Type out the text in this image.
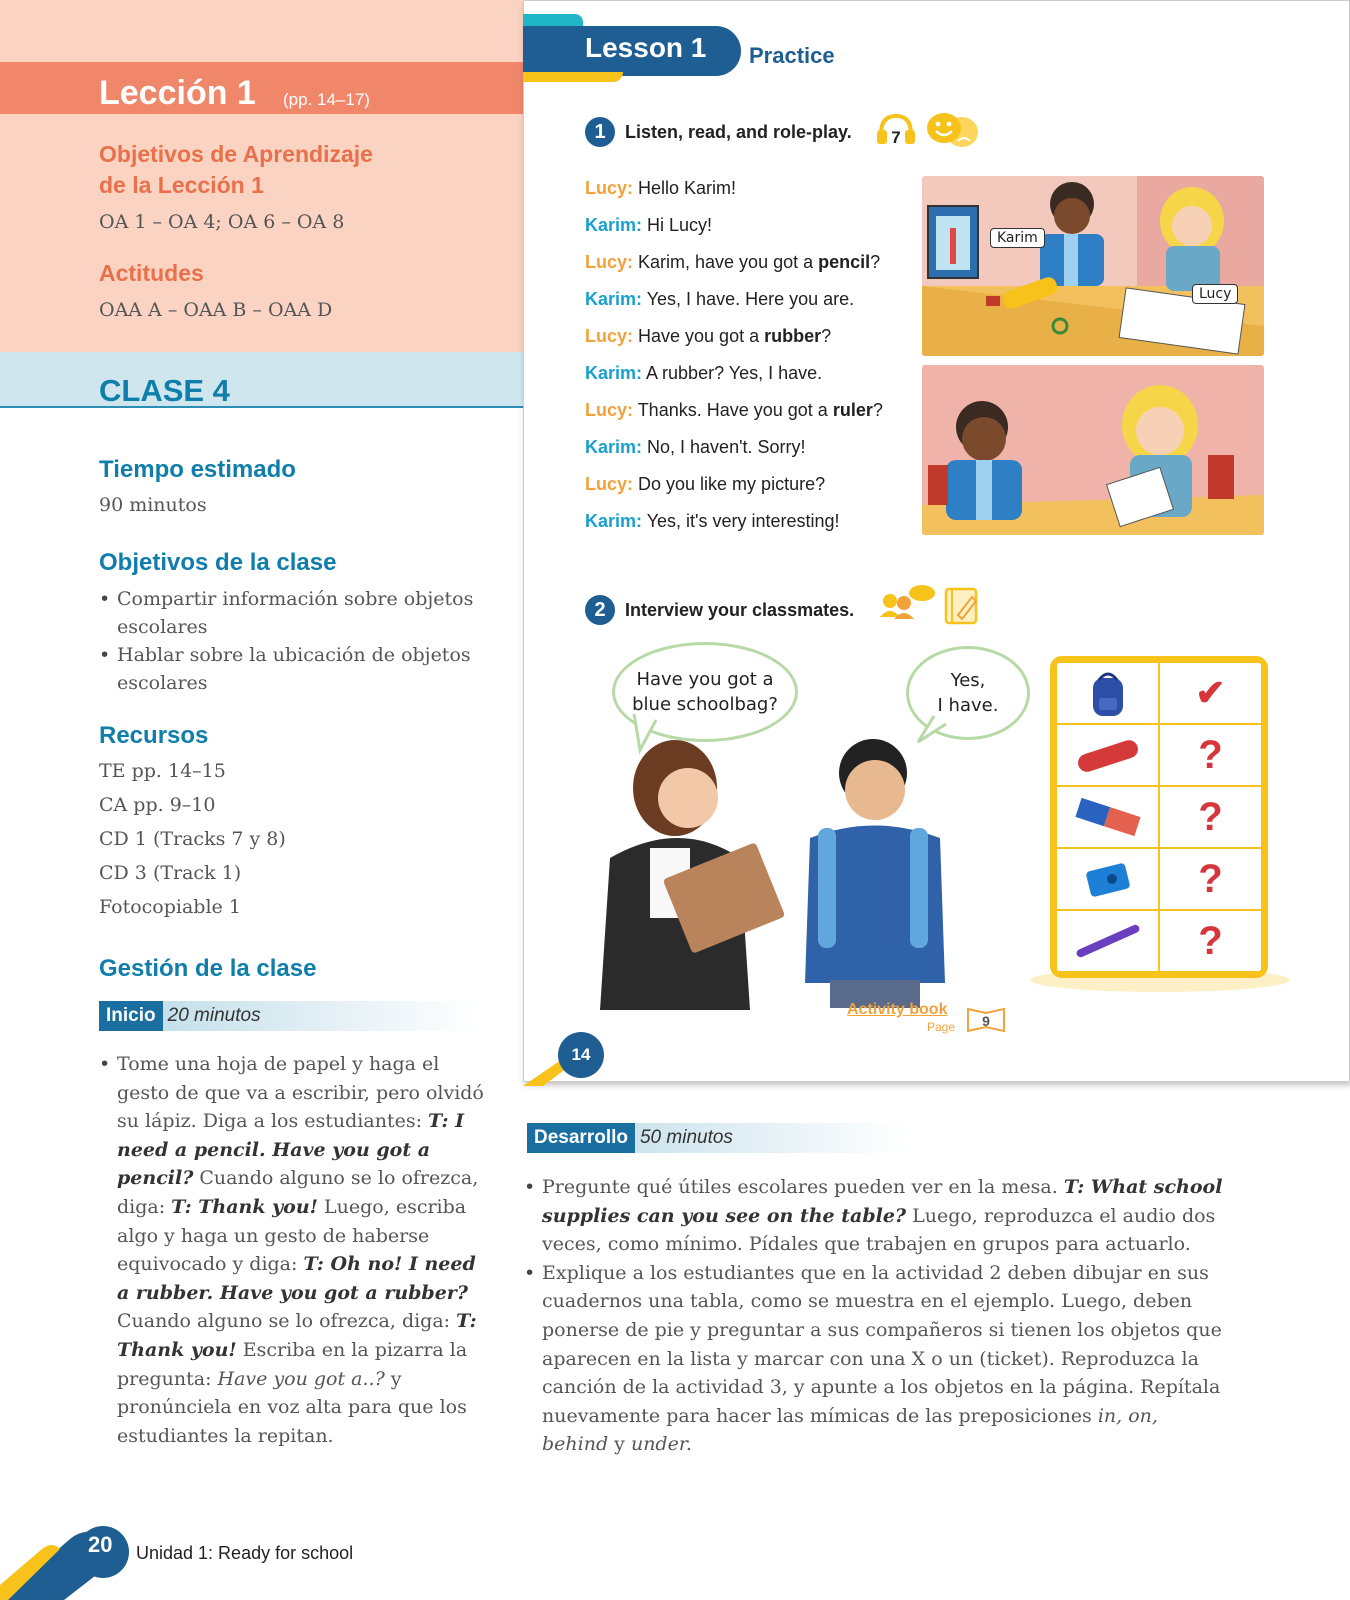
Lección 1 (pp. 14–17)
Objetivos de Aprendizaje
de la Lección 1
OA 1 – OA 4; OA 6 – OA 8
Actitudes
OAA A – OAA B – OAA D
CLASE 4
Tiempo estimado
90 minutos
Objetivos de la clase
• Compartir información sobre objetos escolares
• Hablar sobre la ubicación de objetos escolares
Recursos
TE pp. 14–15
CA pp. 9–10
CD 1 (Tracks 7 y 8)
CD 3 (Track 1)
Fotocopiable 1
Gestión de la clase
Inicio 20 minutos
• Tome una hoja de papel y haga el gesto de que va a escribir, pero olvidó su lápiz. Diga a los estudiantes: T: I need a pencil. Have you got a pencil? Cuando alguno se lo ofrezca, diga: T: Thank you! Luego, escriba algo y haga un gesto de haberse equivocado y diga: T: Oh no! I need a rubber. Have you got a rubber? Cuando alguno se lo ofrezca, diga: T: Thank you! Escriba en la pizarra la pregunta: Have you got a..? y pronúnciela en voz alta para que los estudiantes la repitan.
Lesson 1 Practice
1	Listen, read, and role-play. 7
Lucy: Hello Karim!
Karim: Hi Lucy!
Lucy: Karim, have you got a pencil?
Karim: Yes, I have. Here you are.
Lucy: Have you got a rubber?
Karim: A rubber? Yes, I have.
Lucy: Thanks. Have you got a ruler?
Karim: No, I haven't. Sorry!
Lucy: Do you like my picture?
Karim: Yes, it's very interesting!
Karim
Lucy
2	Interview your classmates.
Have you got a
blue schoolbag?
Yes,
I have.	✔
?
?
?
?
Activity book
Page 9
14
Desarrollo 50 minutos
• Pregunte qué útiles escolares pueden ver en la mesa. T: What school supplies can you see on the table? Luego, reproduzca el audio dos veces, como mínimo. Pídales que trabajen en grupos para actuarlo.
• Explique a los estudiantes que en la actividad 2 deben dibujar en sus cuadernos una tabla, como se muestra en el ejemplo. Luego, deben ponerse de pie y preguntar a sus compañeros si tienen los objetos que aparecen en la lista y marcar con una X o un (ticket). Reproduzca la canción de la actividad 3, y apunte a los objetos en la página. Repítala nuevamente para hacer las mímicas de las preposiciones in, on, behind y under.
20 Unidad 1: Ready for school
